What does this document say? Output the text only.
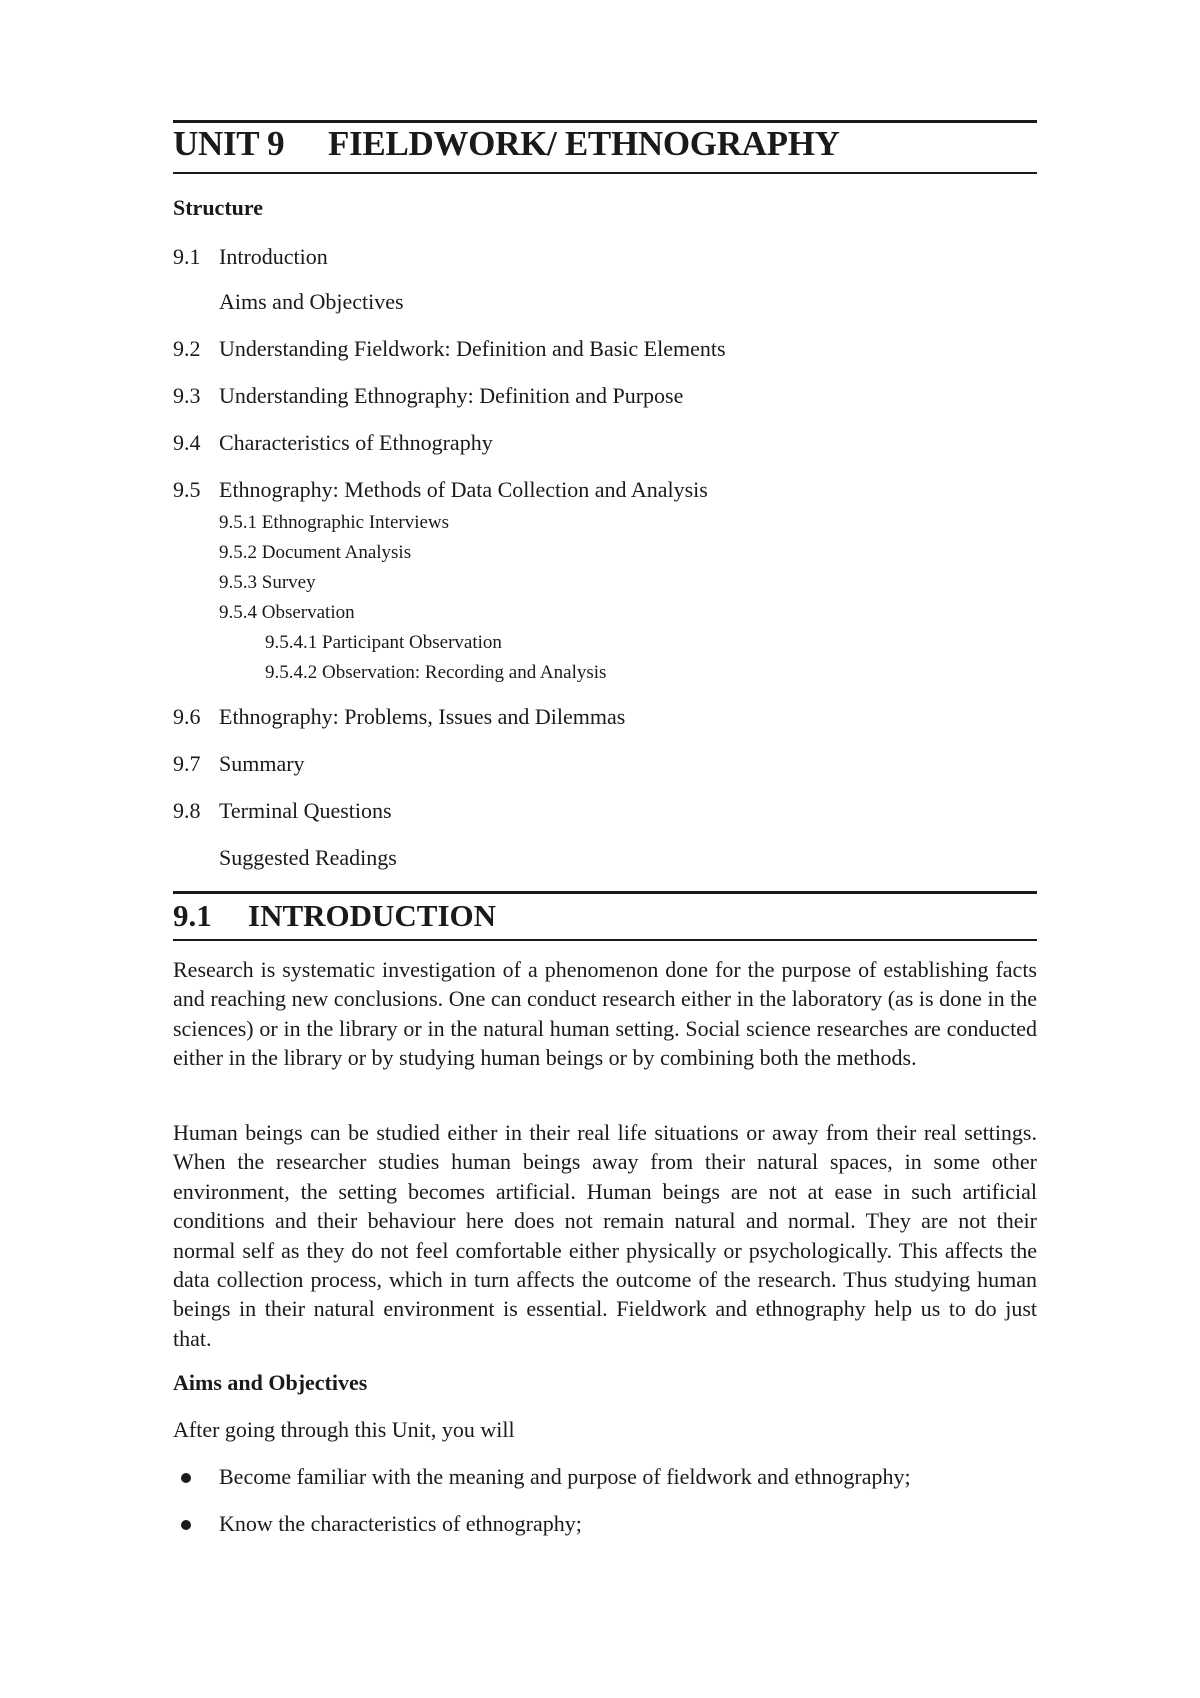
UNIT 9 FIELDWORK/ ETHNOGRAPHY
Structure
9.1 Introduction
Aims and Objectives
9.2 Understanding Fieldwork: Definition and Basic Elements
9.3 Understanding Ethnography: Definition and Purpose
9.4 Characteristics of Ethnography
9.5 Ethnography: Methods of Data Collection and Analysis
9.5.1 Ethnographic Interviews
9.5.2 Document Analysis
9.5.3 Survey
9.5.4 Observation
9.5.4.1 Participant Observation
9.5.4.2 Observation: Recording and Analysis
9.6 Ethnography: Problems, Issues and Dilemmas
9.7 Summary
9.8 Terminal Questions
Suggested Readings
9.1 INTRODUCTION

Research is systematic investigation of a phenomenon done for the purpose of establishing facts and reaching new conclusions. One can conduct research either in the laboratory (as is done in the sciences) or in the library or in the natural human setting. Social science researches are conducted either in the library or by studying human beings or by combining both the methods.

Human beings can be studied either in their real life situations or away from their real settings. When the researcher studies human beings away from their natural spaces, in some other environment, the setting becomes artificial. Human beings are not at ease in such artificial conditions and their behaviour here does not remain natural and normal. They are not their normal self as they do not feel comfortable either physically or psychologically. This affects the data collection process, which in turn affects the outcome of the research. Thus studying human beings in their natural environment is essential. Fieldwork and ethnography help us to do just that.

Aims and Objectives
After going through this Unit, you will
Become familiar with the meaning and purpose of fieldwork and ethnography;
Know the characteristics of ethnography;
